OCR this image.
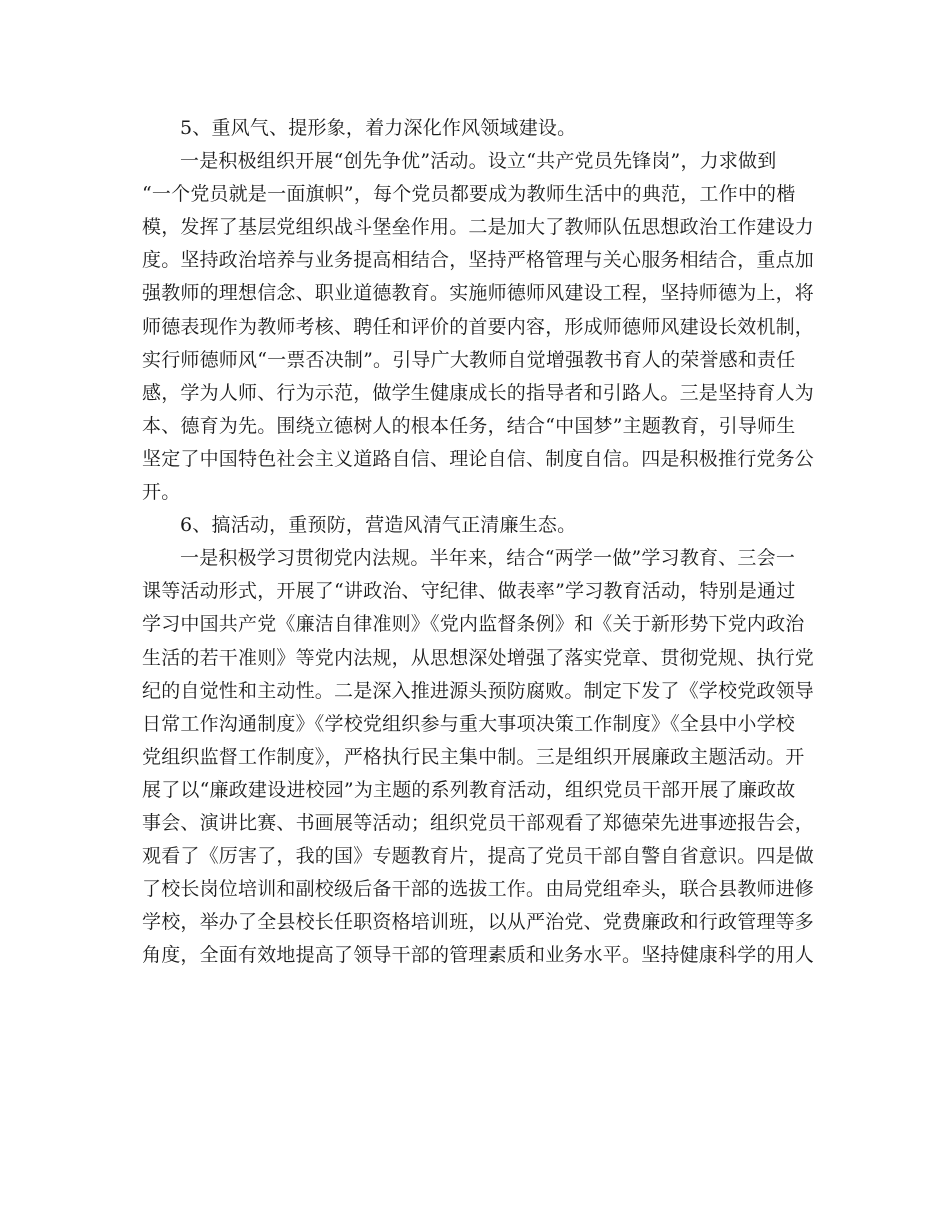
5、重风气、提形象，着力深化作风领域建设。
一是积极组织开展“创先争优”活动。设立“共产党员先锋岗”，力求做到
“一个党员就是一面旗帜”，每个党员都要成为教师生活中的典范，工作中的楷
模，发挥了基层党组织战斗堡垒作用。二是加大了教师队伍思想政治工作建设力
度。坚持政治培养与业务提高相结合，坚持严格管理与关心服务相结合，重点加
强教师的理想信念、职业道德教育。实施师德师风建设工程，坚持师德为上，将
师德表现作为教师考核、聘任和评价的首要内容，形成师德师风建设长效机制，
实行师德师风“一票否决制”。引导广大教师自觉增强教书育人的荣誉感和责任
感，学为人师、行为示范，做学生健康成长的指导者和引路人。三是坚持育人为
本、德育为先。围绕立德树人的根本任务，结合“中国梦”主题教育，引导师生
坚定了中国特色社会主义道路自信、理论自信、制度自信。四是积极推行党务公
开。
6、搞活动，重预防，营造风清气正清廉生态。
一是积极学习贯彻党内法规。半年来，结合“两学一做”学习教育、三会一
课等活动形式，开展了“讲政治、守纪律、做表率”学习教育活动，特别是通过
学习中国共产党《廉洁自律准则》《党内监督条例》和《关于新形势下党内政治
生活的若干准则》等党内法规，从思想深处增强了落实党章、贯彻党规、执行党
纪的自觉性和主动性。二是深入推进源头预防腐败。制定下发了《学校党政领导
日常工作沟通制度》《学校党组织参与重大事项决策工作制度》《全县中小学校
党组织监督工作制度》，严格执行民主集中制。三是组织开展廉政主题活动。开
展了以“廉政建设进校园”为主题的系列教育活动，组织党员干部开展了廉政故
事会、演讲比赛、书画展等活动；组织党员干部观看了郑德荣先进事迹报告会，
观看了《厉害了，我的国》专题教育片，提高了党员干部自警自省意识。四是做
了校长岗位培训和副校级后备干部的选拔工作。由局党组牵头，联合县教师进修
学校，举办了全县校长任职资格培训班，以从严治党、党费廉政和行政管理等多
角度，全面有效地提高了领导干部的管理素质和业务水平。坚持健康科学的用人
